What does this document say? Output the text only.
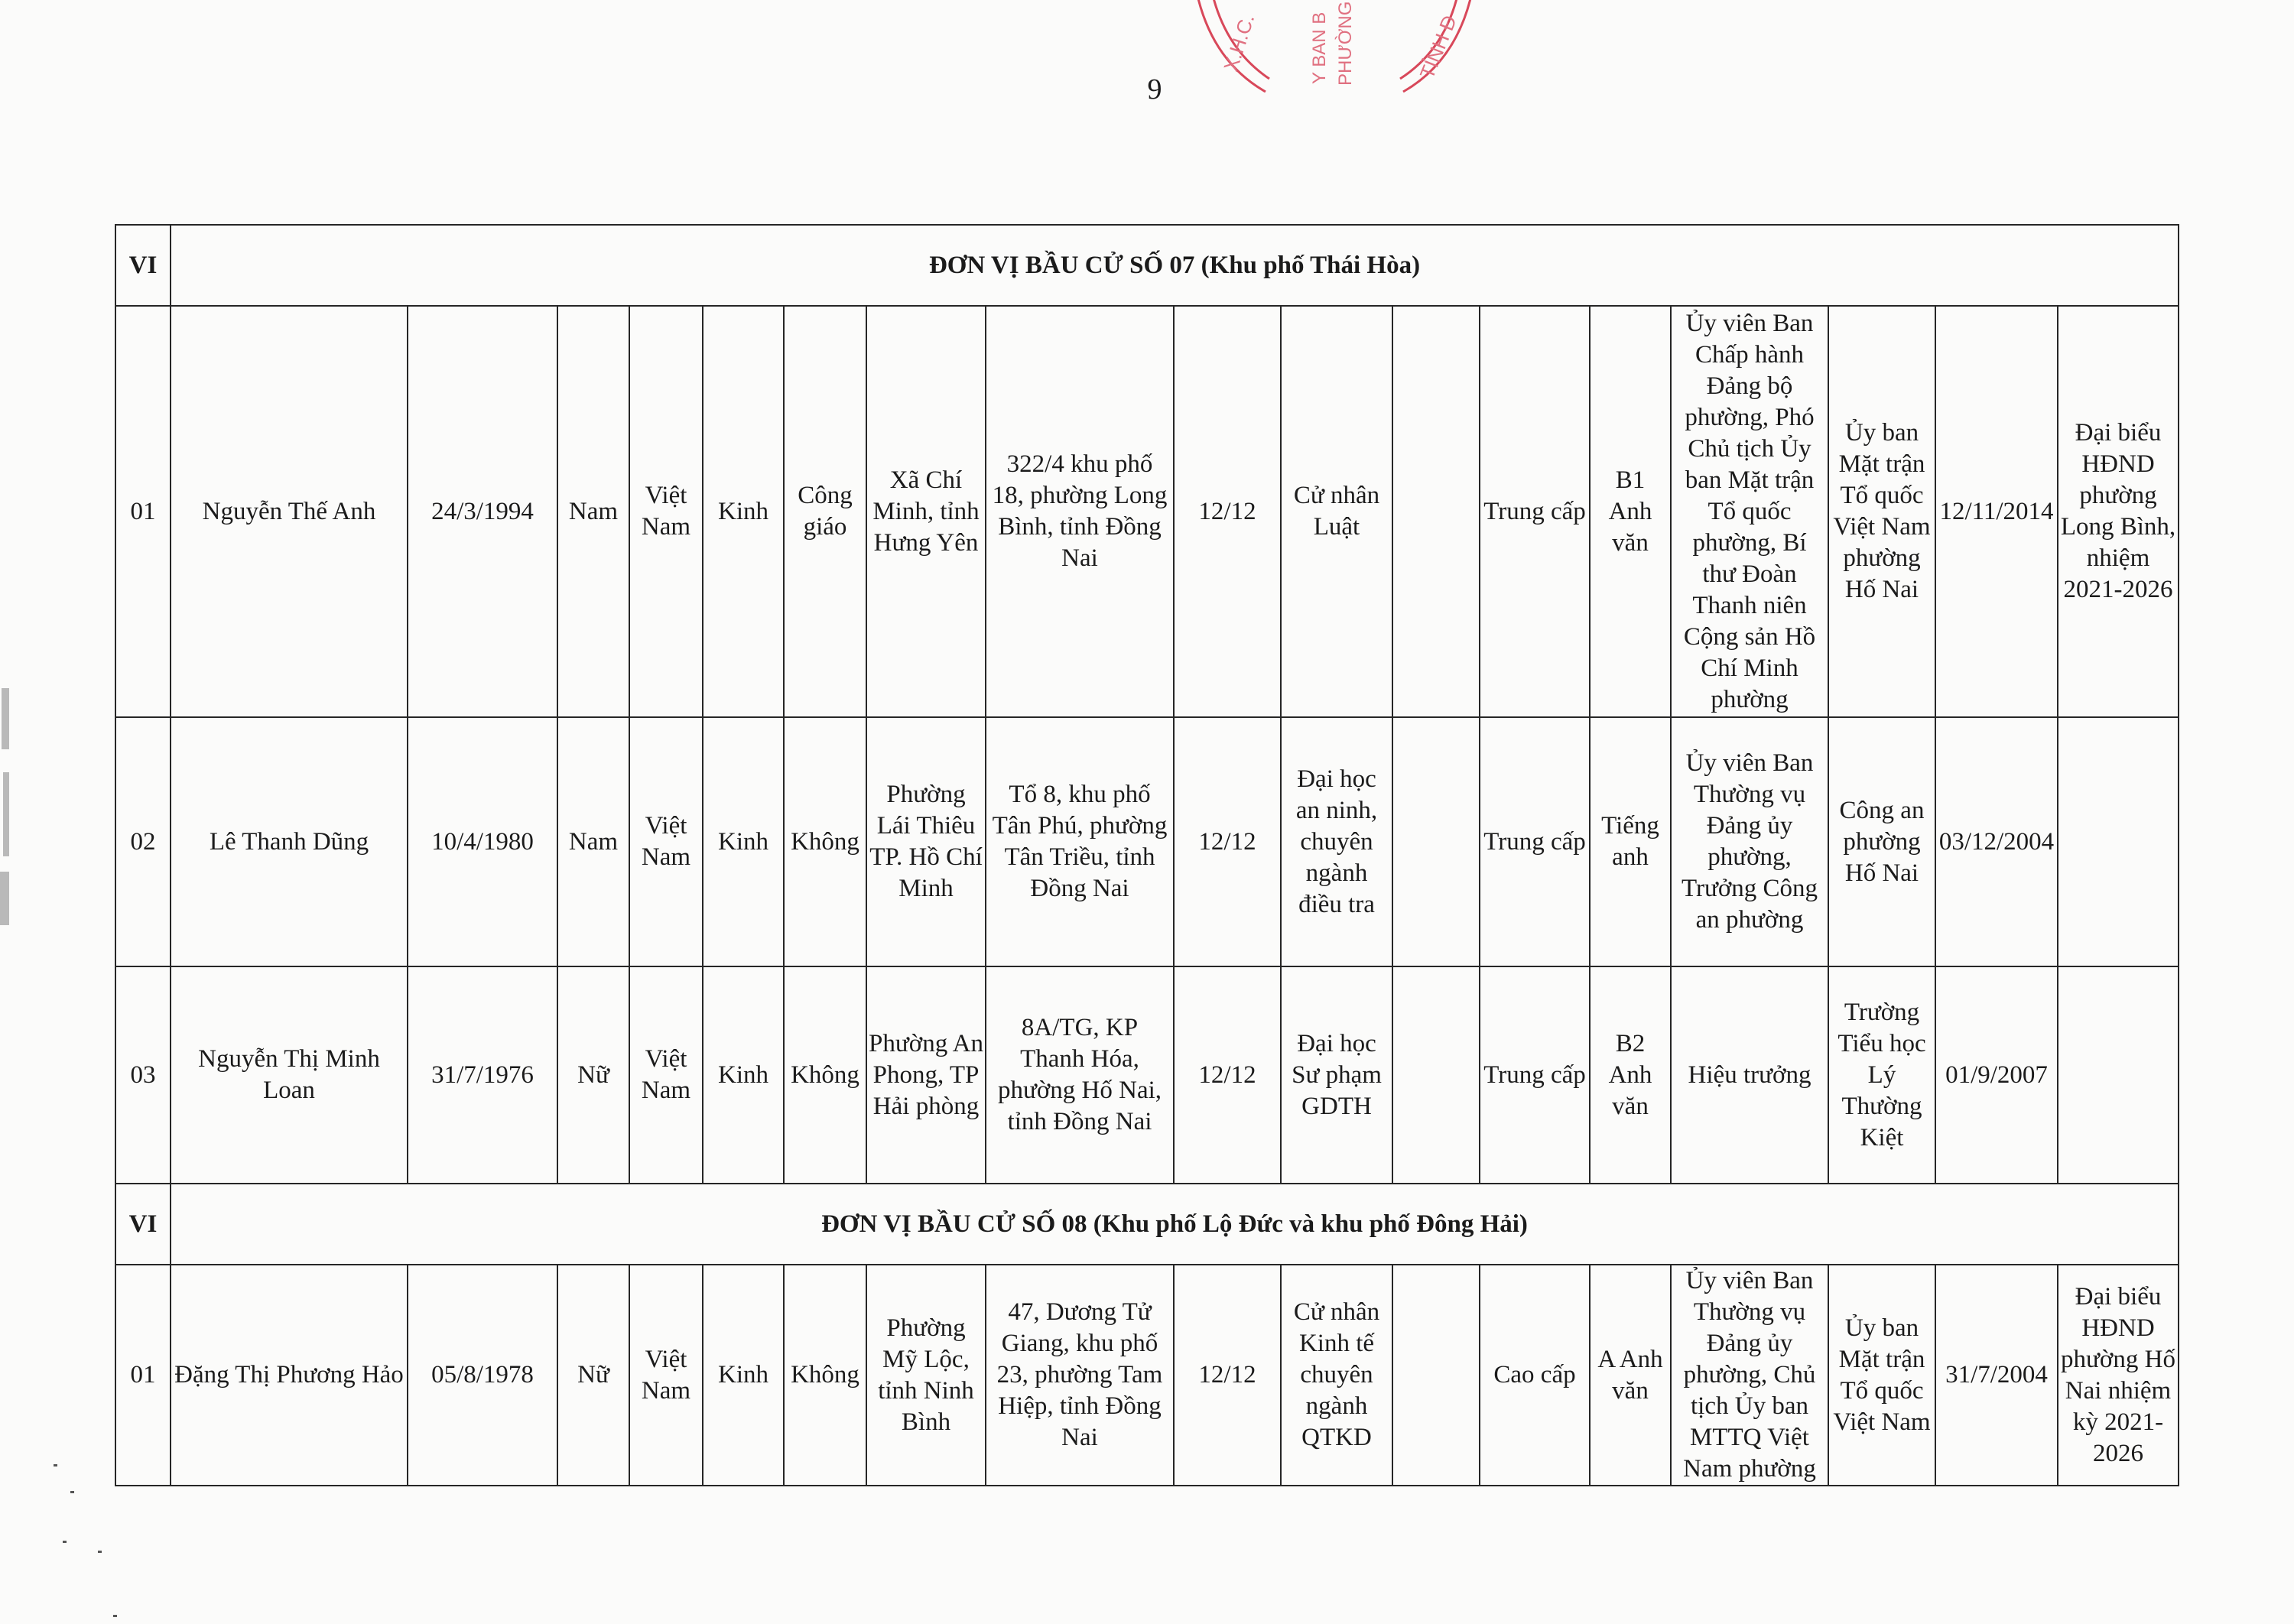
9
X.H.C.	Y BAN B PHƯỜNG	TỈNH Đ
VI	ĐƠN VỊ BẦU CỬ SỐ 07 (Khu phố Thái Hòa)																
01	Nguyễn Thế Anh	24/3/1994	Nam	Việt Nam	Kinh	Công giáo	Xã Chí Minh, tỉnh Hưng Yên	322/4 khu phố 18, phường Long Bình, tỉnh Đồng Nai	12/12	Cử nhân Luật		Trung cấp	B1 Anh văn	Ủy viên Ban Chấp hành Đảng bộ phường, Phó Chủ tịch Ủy ban Mặt trận Tổ quốc phường, Bí thư Đoàn Thanh niên Cộng sản Hồ Chí Minh phường	Ủy ban Mặt trận Tổ quốc Việt Nam phường Hố Nai	12/11/2014	Đại biểu HĐND phường Long Bình, nhiệm 2021-2026
02	Lê Thanh Dũng	10/4/1980	Nam	Việt Nam	Kinh	Không	Phường Lái Thiêu TP. Hồ Chí Minh	Tổ 8, khu phố Tân Phú, phường Tân Triều, tỉnh Đồng Nai	12/12	Đại học an ninh, chuyên ngành điều tra		Trung cấp	Tiếng anh	Ủy viên Ban Thường vụ Đảng ủy phường, Trưởng Công an phường	Công an phường Hố Nai	03/12/2004	
03	Nguyễn Thị Minh Loan	31/7/1976	Nữ	Việt Nam	Kinh	Không	Phường An Phong, TP Hải phòng	8A/TG, KP Thanh Hóa, phường Hố Nai, tỉnh Đồng Nai	12/12	Đại học Sư phạm GDTH		Trung cấp	B2 Anh văn	Hiệu trưởng	Trường Tiểu học Lý Thường Kiệt	01/9/2007	
VI	ĐƠN VỊ BẦU CỬ SỐ 08 (Khu phố Lộ Đức và khu phố Đông Hải)																
01	Đặng Thị Phương Hảo	05/8/1978	Nữ	Việt Nam	Kinh	Không	Phường Mỹ Lộc, tỉnh Ninh Bình	47, Dương Tử Giang, khu phố 23, phường Tam Hiệp, tỉnh Đồng Nai	12/12	Cử nhân Kinh tế chuyên ngành QTKD		Cao cấp	A Anh văn	Ủy viên Ban Thường vụ Đảng ủy phường, Chủ tịch Ủy ban MTTQ Việt Nam phường	Ủy ban Mặt trận Tổ quốc Việt Nam	31/7/2004	Đại biểu HĐND phường Hố Nai nhiệm kỳ 2021-2026
